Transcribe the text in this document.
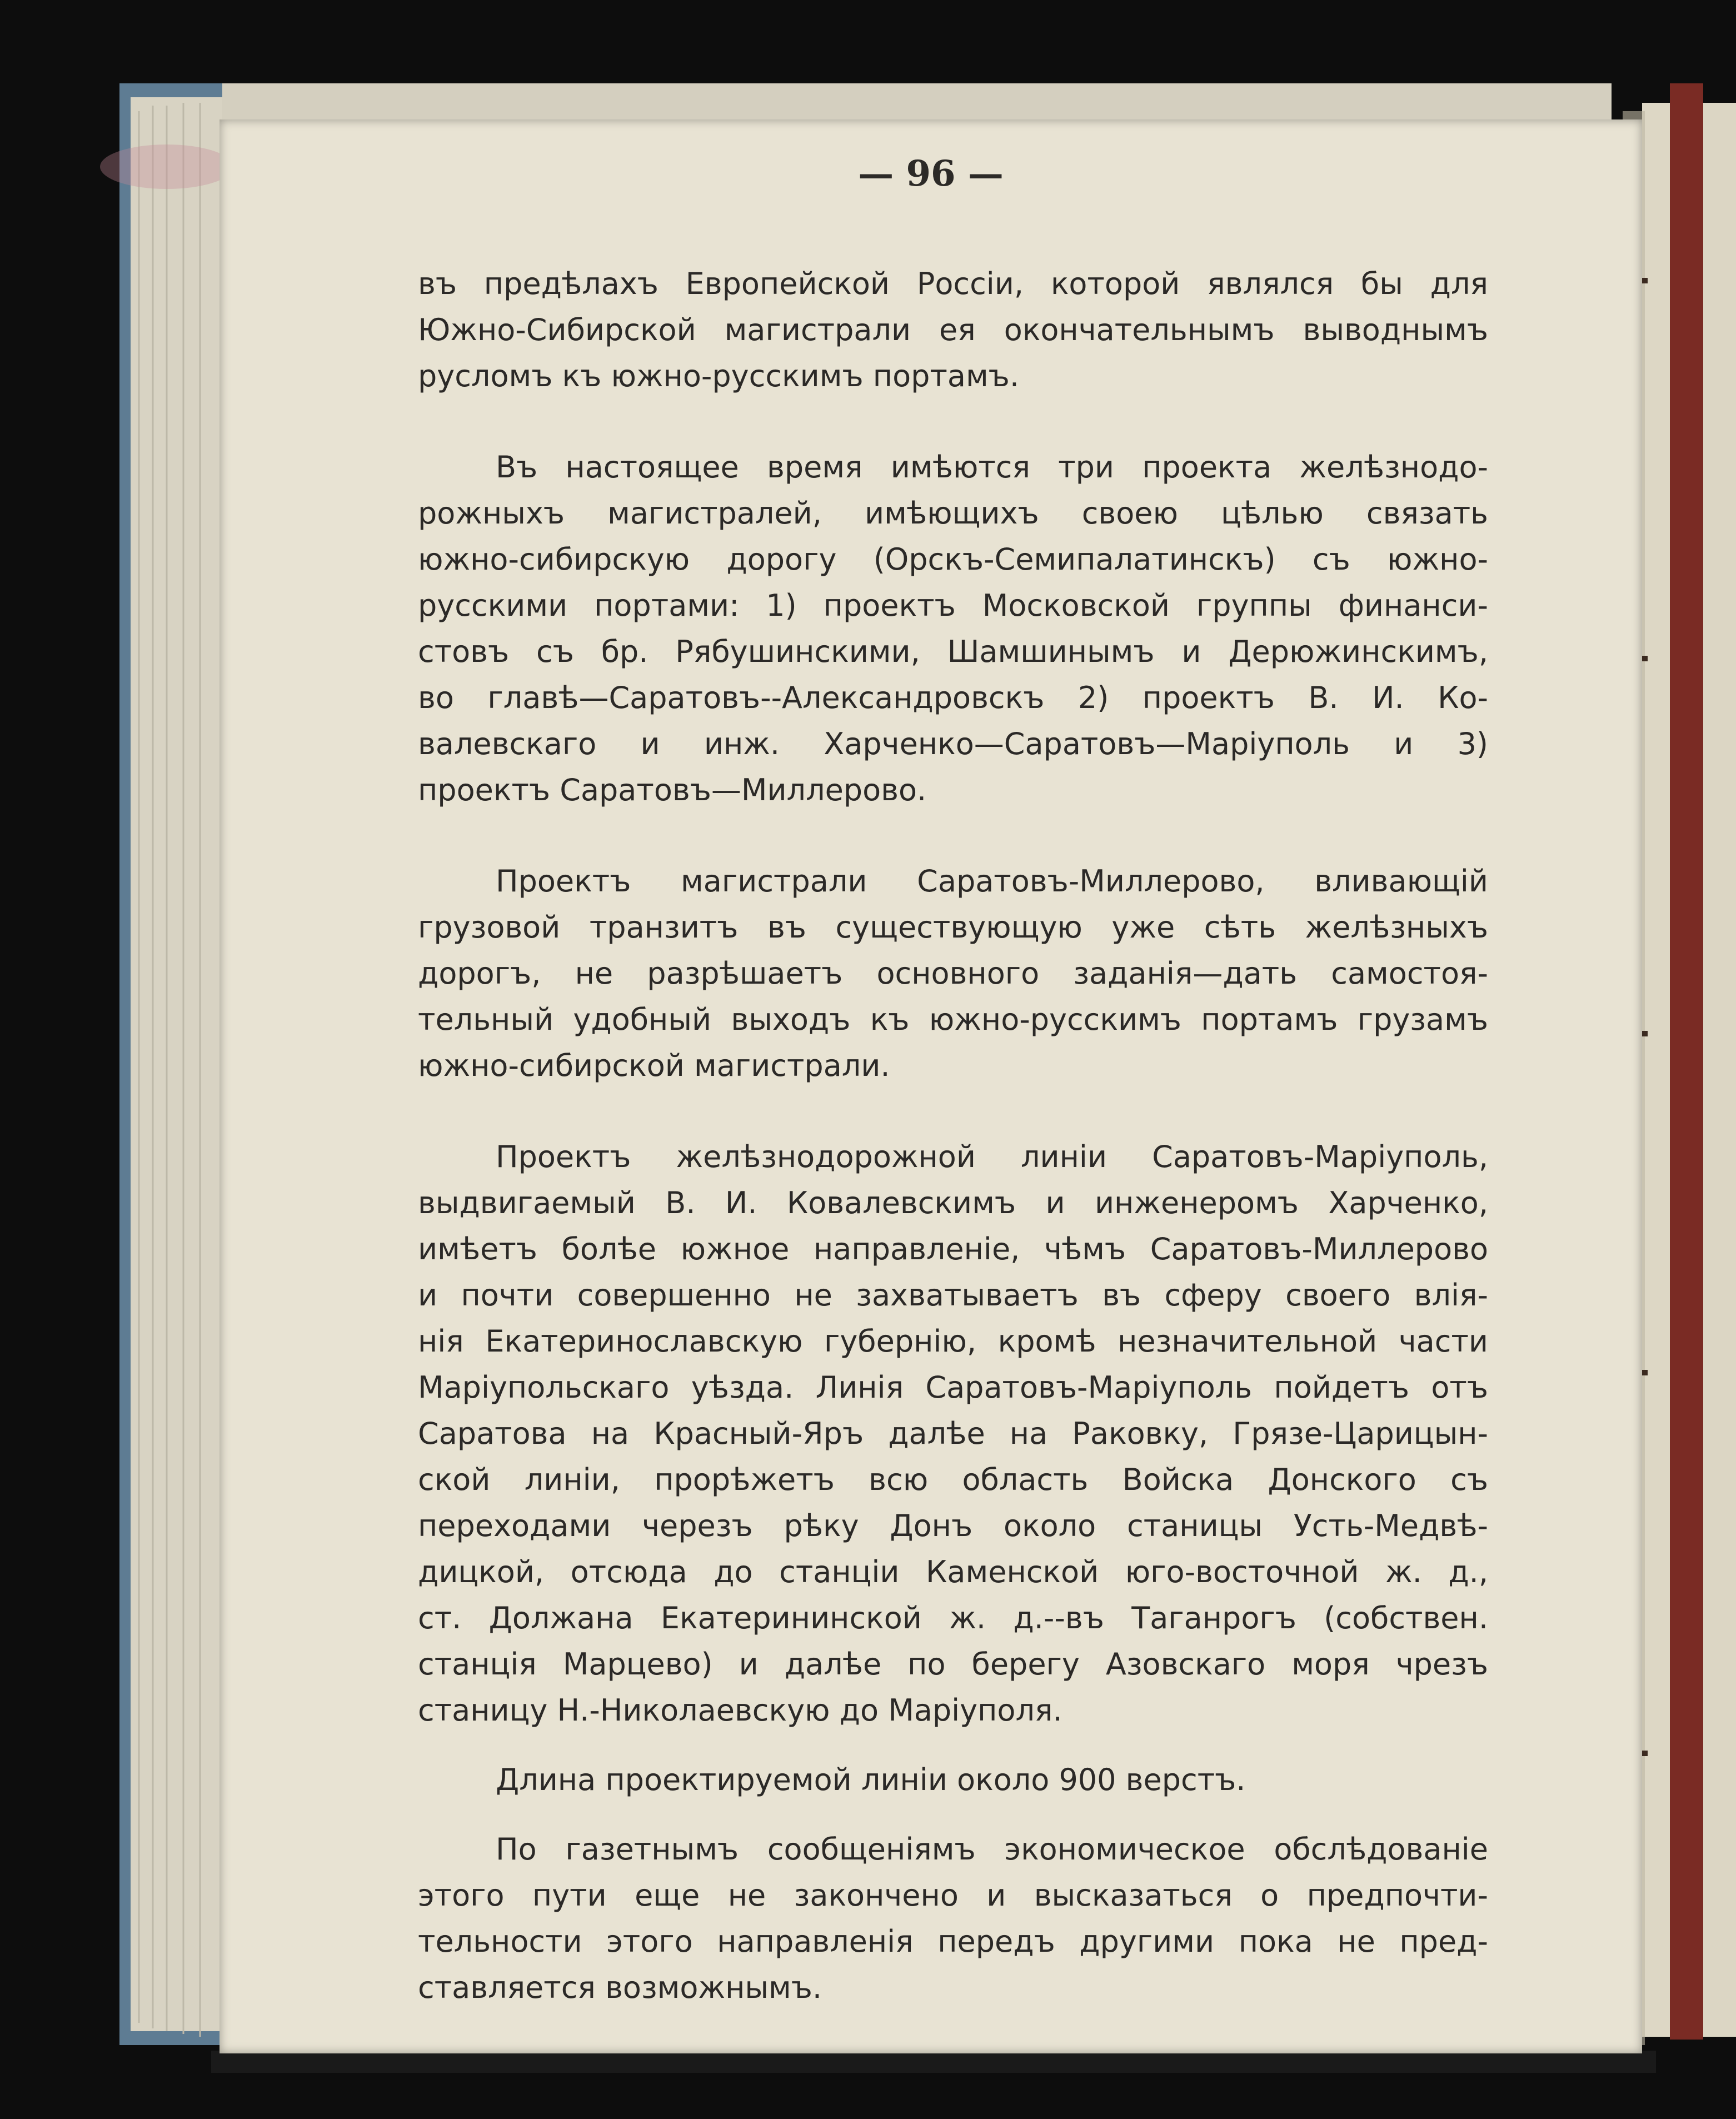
— 96 —
въ предѣлахъ Европейской Россіи, которой являлся бы для
Южно-Сибирской магистрали ея окончательнымъ выводнымъ
русломъ къ южно-русскимъ портамъ.
Въ настоящее время имѣются три проекта желѣзнодо-
рожныхъ магистралей, имѣющихъ своею цѣлью связать
южно-сибирскую дорогу (Орскъ-Семипалатинскъ) съ южно-
русскими портами: 1) проектъ Московской группы финанси-
стовъ съ бр. Рябушинскими, Шамшинымъ и Дерюжинскимъ,
во главѣ—Саратовъ--Александровскъ 2) проектъ В. И. Ко-
валевскаго и инж. Харченко—Саратовъ—Маріуполь и 3)
проектъ Саратовъ—Миллерово.
Проектъ магистрали Саратовъ-Миллерово, вливающій
грузовой транзитъ въ существующую уже сѣть желѣзныхъ
дорогъ, не разрѣшаетъ основного заданія—дать самостоя-
тельный удобный выходъ къ южно-русскимъ портамъ грузамъ
южно-сибирской магистрали.
Проектъ желѣзнодорожной линіи Саратовъ-Маріуполь,
выдвигаемый В. И. Ковалевскимъ и инженеромъ Харченко,
имѣетъ болѣе южное направленіе, чѣмъ Саратовъ-Миллерово
и почти совершенно не захватываетъ въ сферу своего влія-
нія Екатеринославскую губернію, кромѣ незначительной части
Маріупольскаго уѣзда. Линія Саратовъ-Маріуполь пойдетъ отъ
Саратова на Красный-Яръ далѣе на Раковку, Грязе-Царицын-
ской линіи, прорѣжетъ всю область Войска Донского съ
переходами черезъ рѣку Донъ около станицы Усть-Медвѣ-
дицкой, отсюда до станціи Каменской юго-восточной ж. д.,
ст. Должана Екатерининской ж. д.--въ Таганрогъ (собствен.
станція Марцево) и далѣе по берегу Азовскаго моря чрезъ
станицу Н.-Николаевскую до Маріуполя.
Длина проектируемой линіи около 900 верстъ.
По газетнымъ сообщеніямъ экономическое обслѣдованіе
этого пути еще не закончено и высказаться о предпочти-
тельности этого направленія передъ другими пока не пред-
ставляется возможнымъ.
